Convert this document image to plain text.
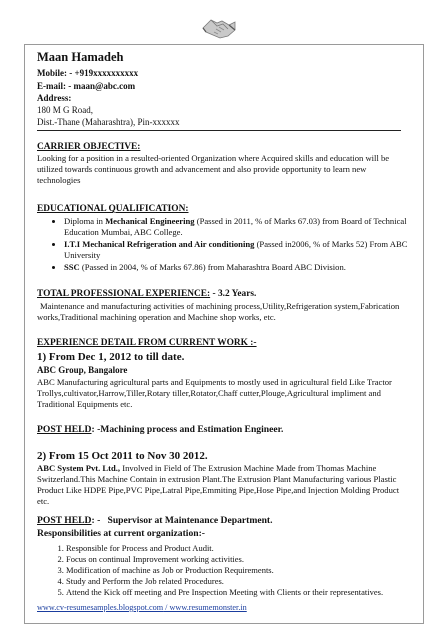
Maan Hamadeh
Mobile: - +919xxxxxxxxxx
E-mail: - maan@abc.com
Address:
180 M G Road,
Dist.-Thane (Maharashtra), Pin-xxxxxx
CARRIER OBJECTIVE:
Looking for a position in a resulted-oriented Organization where Acquired skills and education will be utilized towards continuous growth and advancement and also provide opportunity to learn new technologies
EDUCATIONAL QUALIFICATION:
• Diploma in Mechanical Engineering (Passed in 2011, % of Marks 67.03) from Board of Technical Education Mumbai, ABC College.
• I.T.I Mechanical Refrigeration and Air conditioning (Passed in2006, % of Marks 52) From ABC University
• SSC (Passed in 2004, % of Marks 67.86) from Maharashtra Board ABC Division.
TOTAL PROFESSIONAL EXPERIENCE: - 3.2 Years.
Maintenance and manufacturing activities of machining process,Utility,Refrigeration system,Fabrication works,Traditional machining operation and Machine shop works, etc.
EXPERIENCE DETAIL FROM CURRENT WORK :-
1) From Dec 1, 2012 to till date.
ABC Group, Bangalore
ABC Manufacturing agricultural parts and Equipments to mostly used in agricultural field Like Tractor Trollys,cultivator,Harrow,Tiller,Rotary tiller,Rotator,Chaff cutter,Plouge,Agricultural impliment and Traditional Equipments etc.
POST HELD: -Machining process and Estimation Engineer.
2) From 15 Oct 2011 to Nov 30 2012.
ABC System Pvt. Ltd., Involved in Field of The Extrusion Machine Made from Thomas Machine Switzerland.This Machine Contain in extrusion Plant.The Extrusion Plant Manufacturing various Plastic Product Like HDPE Pipe,PVC Pipe,Latral Pipe,Emmiting Pipe,Hose Pipe,and Injection Molding Product etc.
POST HELD: - Supervisor at Maintenance Department.
Responsibilities at current organization:-
1. Responsible for Process and Product Audit.
2. Focus on continual Improvement working activities.
3. Modification of machine as Job or Production Requirements.
4. Study and Perform the Job related Procedures.
5. Attend the Kick off meeting and Pre Inspection Meeting with Clients or their representatives.
www.cv-resumesamples.blogspot.com / www.resumemonster.in
